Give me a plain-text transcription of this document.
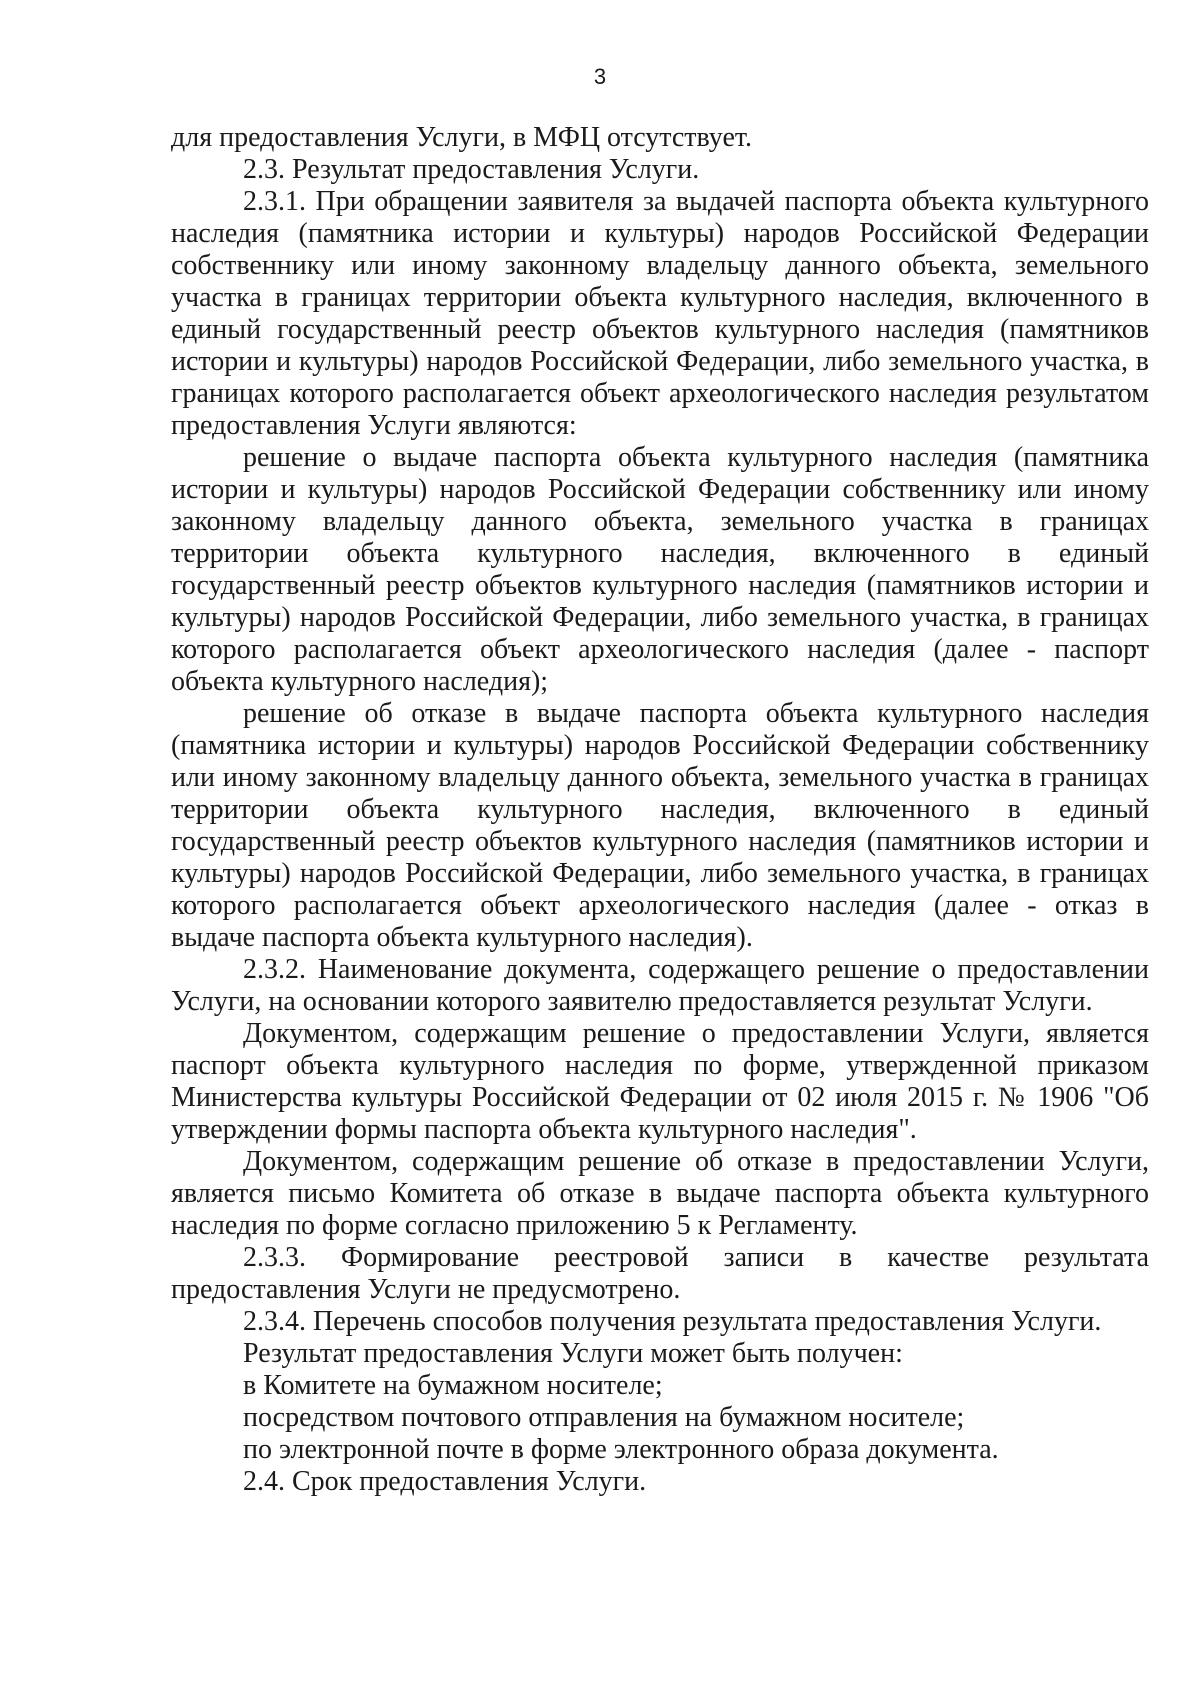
3

для предоставления Услуги, в МФЦ отсутствует.

2.3. Результат предоставления Услуги.

2.3.1. При обращении заявителя за выдачей паспорта объекта культурного наследия (памятника истории и культуры) народов Российской Федерации собственнику или иному законному владельцу данного объекта, земельного участка в границах территории объекта культурного наследия, включенного в единый государственный реестр объектов культурного наследия (памятников истории и культуры) народов Российской Федерации, либо земельного участка, в границах которого располагается объект археологического наследия результатом предоставления Услуги являются:

решение о выдаче паспорта объекта культурного наследия (памятника истории и культуры) народов Российской Федерации собственнику или иному законному владельцу данного объекта, земельного участка в границах территории объекта культурного наследия, включенного в единый государственный реестр объектов культурного наследия (памятников истории и культуры) народов Российской Федерации, либо земельного участка, в границах которого располагается объект археологического наследия (далее - паспорт объекта культурного наследия);

решение об отказе в выдаче паспорта объекта культурного наследия (памятника истории и культуры) народов Российской Федерации собственнику или иному законному владельцу данного объекта, земельного участка в границах территории объекта культурного наследия, включенного в единый государственный реестр объектов культурного наследия (памятников истории и культуры) народов Российской Федерации, либо земельного участка, в границах которого располагается объект археологического наследия (далее - отказ в выдаче паспорта объекта культурного наследия).

2.3.2. Наименование документа, содержащего решение о предоставлении Услуги, на основании которого заявителю предоставляется результат Услуги.

Документом, содержащим решение о предоставлении Услуги, является паспорт объекта культурного наследия по форме, утвержденной приказом Министерства культуры Российской Федерации от 02 июля 2015 г. № 1906 "Об утверждении формы паспорта объекта культурного наследия".

Документом, содержащим решение об отказе в предоставлении Услуги, является письмо Комитета об отказе в выдаче паспорта объекта культурного наследия по форме согласно приложению 5 к Регламенту.

2.3.3. Формирование реестровой записи в качестве результата предоставления Услуги не предусмотрено.

2.3.4. Перечень способов получения результата предоставления Услуги.

Результат предоставления Услуги может быть получен:

в Комитете на бумажном носителе;

посредством почтового отправления на бумажном носителе;

по электронной почте в форме электронного образа документа.

2.4. Срок предоставления Услуги.
